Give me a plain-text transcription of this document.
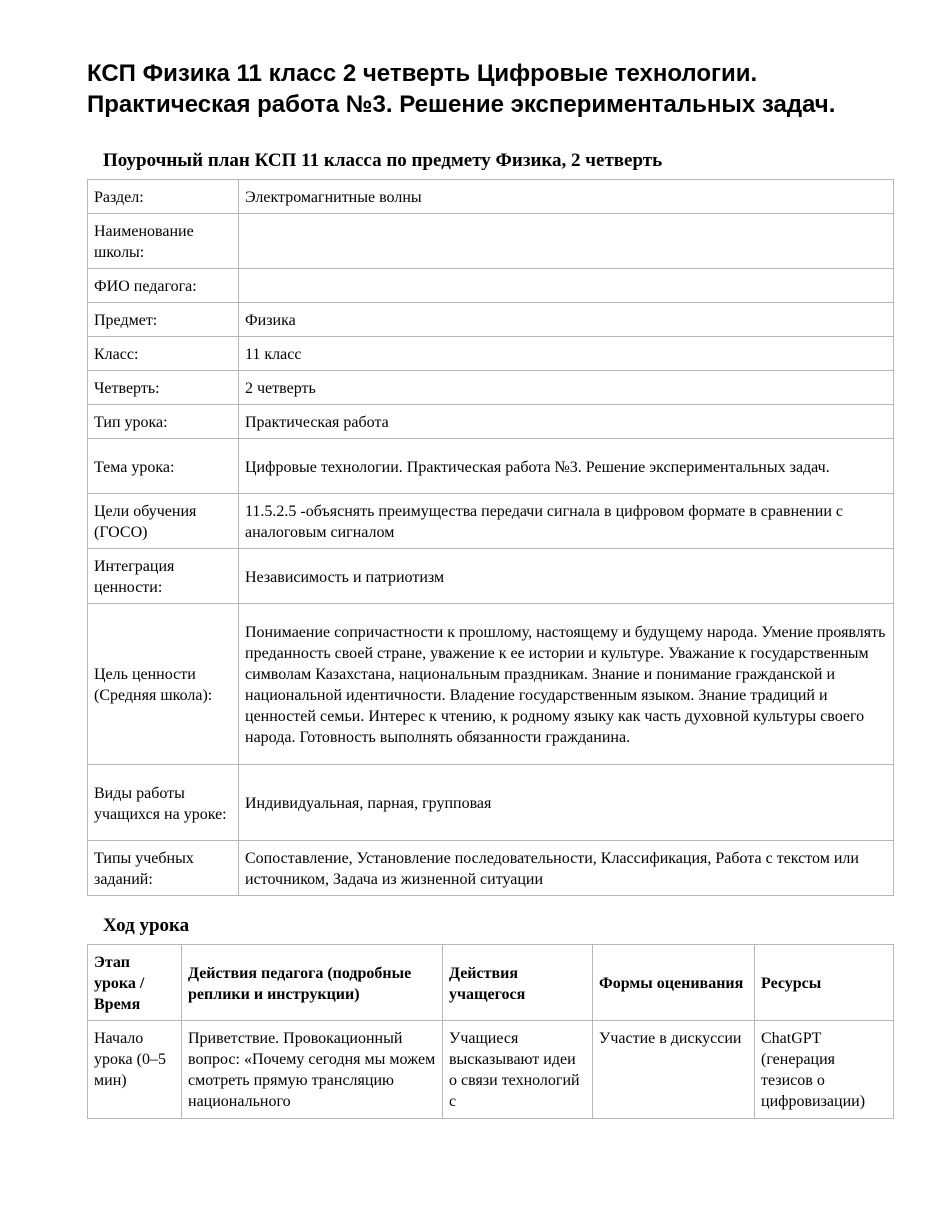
КСП Физика 11 класс 2 четверть Цифровые технологии. Практическая работа №3. Решение экспериментальных задач.
Поурочный план КСП 11 класса по предмету Физика, 2 четверть
Раздел:	Электромагнитные волны
Наименование школы:	
ФИО педагога:	
Предмет:	Физика
Класс:	11 класс
Четверть:	2 четверть
Тип урока:	Практическая работа
Тема урока:	Цифровые технологии. Практическая работа №3. Решение экспериментальных задач.
Цели обучения (ГОСО)	11.5.2.5 -объяснять преимущества передачи сигнала в цифровом формате в сравнении с аналоговым сигналом
Интеграция ценности:	Независимость и патриотизм
Цель ценности (Средняя школа):	Понимаение сопричастности к прошлому, настоящему и будущему народа. Умение проявлять преданность своей стране, уважение к ее истории и культуре. Уважание к государственным символам Казахстана, национальным праздникам. Знание и понимание гражданской и национальной идентичности. Владение государственным языком. Знание традиций и ценностей семьи. Интерес к чтению, к родному языку как часть духовной культуры своего народа. Готовность выполнять обязанности гражданина.
Виды работы учащихся на уроке:	Индивидуальная, парная, групповая
Типы учебных заданий:	Сопоставление, Установление последовательности, Классификация, Работа с текстом или источником, Задача из жизненной ситуации
Ход урока
Этап урока / Время	Действия педагога (подробные реплики и инструкции)	Действия учащегося	Формы оценивания	Ресурсы
Начало урока (0–5 мин)	Приветствие. Провокационный вопрос: «Почему сегодня мы можем смотреть прямую трансляцию национального	Учащиеся высказывают идеи о связи технологий с	Участие в дискуссии	ChatGPT (генерация тезисов о цифровизации)
